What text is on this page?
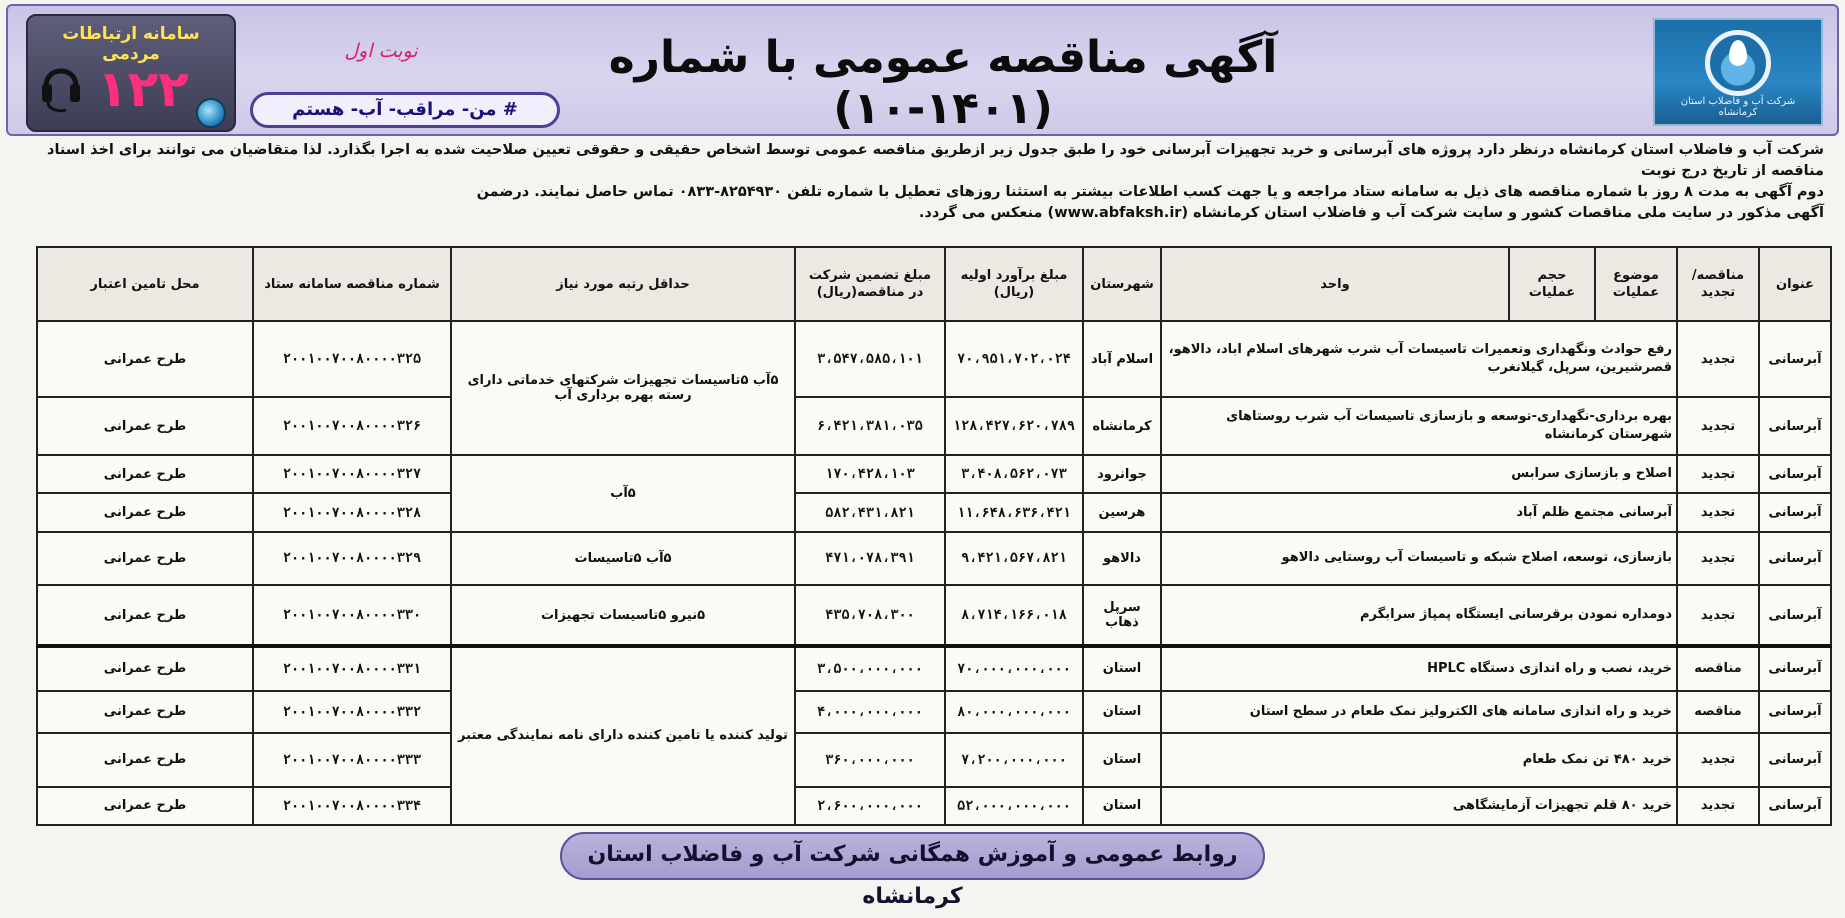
شرکت آب و فاضلاب استان کرمانشاه
آگهی مناقصه عمومی با شماره (۱۴۰۱-۱۰)
نوبت اول
# من- مراقب- آب- هستم
سامانه ارتباطات مردمی
۱۲۲

شرکت آب و فاضلاب استان کرمانشاه درنظر دارد پروژه های آبرسانی و خرید تجهیزات آبرسانی خود را طبق جدول زیر ازطریق مناقصه عمومی توسط اشخاص حقیقی و حقوقی تعیین صلاحیت شده به اجرا بگذارد. لذا متقاضیان می توانند برای اخذ اسناد مناقصه از تاریخ درج نوبت

دوم آگهی به مدت ۸ روز با شماره مناقصه های ذیل به سامانه ستاد مراجعه و یا جهت کسب اطلاعات بیشتر به استثنا روزهای تعطیل با شماره تلفن ۸۲۵۴۹۳۰-۰۸۳۳ تماس حاصل نمایند. درضمن

آگهی مذکور در سایت ملی مناقصات کشور و سایت شرکت آب و فاضلاب استان کرمانشاه (www.abfaksh.ir) منعکس می گردد.

عنوان	مناقصه/ تجدید	موضوع عملیات	حجم عملیات	واحد	شهرستان	مبلغ برآورد اولیه (ریال)	مبلغ تضمین شرکت در مناقصه(ریال)	حداقل رتبه مورد نیاز	شماره مناقصه سامانه ستاد	محل تامین اعتبار
آبرسانی	تجدید	رفع حوادث ونگهداری وتعمیرات تاسیسات آب شرب شهرهای اسلام اباد، دالاهو، قصرشیرین، سرپل، گیلانغرب			اسلام آباد	۷۰،۹۵۱،۷۰۲،۰۲۴	۳،۵۴۷،۵۸۵،۱۰۱	۵آب ۵تاسیسات تجهیزات شرکتهای خدماتی دارای رسته بهره برداری آب	۲۰۰۱۰۰۷۰۰۸۰۰۰۰۳۲۵	طرح عمرانی
آبرسانی	تجدید	بهره برداری-نگهداری-توسعه و بازسازی تاسیسات آب شرب روستاهای شهرستان کرمانشاه			کرمانشاه	۱۲۸،۴۲۷،۶۲۰،۷۸۹	۶،۴۲۱،۳۸۱،۰۳۵		۲۰۰۱۰۰۷۰۰۸۰۰۰۰۳۲۶	طرح عمرانی
آبرسانی	تجدید	اصلاح و بازسازی سرابس			جوانرود	۳،۴۰۸،۵۶۲،۰۷۳	۱۷۰،۴۲۸،۱۰۳	۵آب	۲۰۰۱۰۰۷۰۰۸۰۰۰۰۳۲۷	طرح عمرانی
آبرسانی	تجدید	آبرسانی مجتمع ظلم آباد			هرسین	۱۱،۶۴۸،۶۳۶،۴۲۱	۵۸۲،۴۳۱،۸۲۱		۲۰۰۱۰۰۷۰۰۸۰۰۰۰۳۲۸	طرح عمرانی
آبرسانی	تجدید	بازسازی، توسعه، اصلاح شبکه و تاسیسات آب روستایی دالاهو			دالاهو	۹،۴۲۱،۵۶۷،۸۲۱	۴۷۱،۰۷۸،۳۹۱	۵آب ۵تاسیسات	۲۰۰۱۰۰۷۰۰۸۰۰۰۰۳۲۹	طرح عمرانی
آبرسانی	تجدید	دومداره نمودن برقرسانی ایستگاه پمپاژ سرابگرم			سرپل ذهاب	۸،۷۱۴،۱۶۶،۰۱۸	۴۳۵،۷۰۸،۳۰۰	۵نیرو ۵تاسیسات تجهیزات	۲۰۰۱۰۰۷۰۰۸۰۰۰۰۳۳۰	طرح عمرانی
آبرسانی	مناقصه	خرید، نصب و راه اندازی دستگاه HPLC			استان	۷۰،۰۰۰،۰۰۰،۰۰۰	۳،۵۰۰،۰۰۰،۰۰۰	تولید کننده یا تامین کننده دارای نامه نمایندگی معتبر	۲۰۰۱۰۰۷۰۰۸۰۰۰۰۳۳۱	طرح عمرانی
آبرسانی	مناقصه	خرید و راه اندازی سامانه های الکترولیز نمک طعام در سطح استان			استان	۸۰،۰۰۰،۰۰۰،۰۰۰	۴،۰۰۰،۰۰۰،۰۰۰		۲۰۰۱۰۰۷۰۰۸۰۰۰۰۳۳۲	طرح عمرانی
آبرسانی	تجدید	خرید ۴۸۰ تن نمک طعام			استان	۷،۲۰۰،۰۰۰،۰۰۰	۳۶۰،۰۰۰،۰۰۰		۲۰۰۱۰۰۷۰۰۸۰۰۰۰۳۳۳	طرح عمرانی
آبرسانی	تجدید	خرید ۸۰ قلم تجهیزات آزمایشگاهی			استان	۵۲،۰۰۰،۰۰۰،۰۰۰	۲،۶۰۰،۰۰۰،۰۰۰		۲۰۰۱۰۰۷۰۰۸۰۰۰۰۳۳۴	طرح عمرانی
روابط عمومی و آموزش همگانی شرکت آب و فاضلاب استان کرمانشاه
